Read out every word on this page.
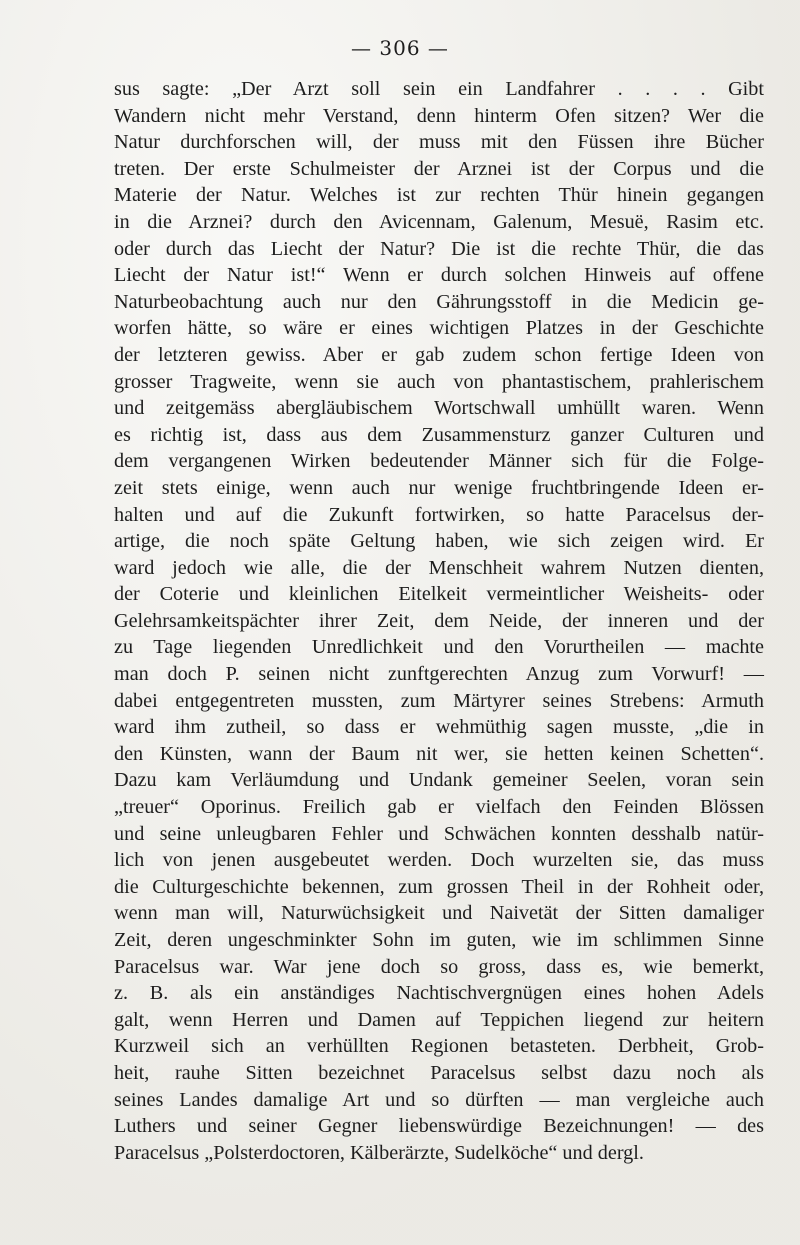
— 306 —
sus sagte: „Der Arzt soll sein ein Landfahrer . . . . Gibt
Wandern nicht mehr Verstand, denn hinterm Ofen sitzen? Wer die
Natur durchforschen will, der muss mit den Füssen ihre Bücher
treten. Der erste Schulmeister der Arznei ist der Corpus und die
Materie der Natur. Welches ist zur rechten Thür hinein gegangen
in die Arznei? durch den Avicennam, Galenum, Mesuë, Rasim etc.
oder durch das Liecht der Natur? Die ist die rechte Thür, die das
Liecht der Natur ist!“ Wenn er durch solchen Hinweis auf offene
Naturbeobachtung auch nur den Gährungsstoff in die Medicin ge-
worfen hätte, so wäre er eines wichtigen Platzes in der Geschichte
der letzteren gewiss. Aber er gab zudem schon fertige Ideen von
grosser Tragweite, wenn sie auch von phantastischem, prahlerischem
und zeitgemäss abergläubischem Wortschwall umhüllt waren. Wenn
es richtig ist, dass aus dem Zusammensturz ganzer Culturen und
dem vergangenen Wirken bedeutender Männer sich für die Folge-
zeit stets einige, wenn auch nur wenige fruchtbringende Ideen er-
halten und auf die Zukunft fortwirken, so hatte Paracelsus der-
artige, die noch späte Geltung haben, wie sich zeigen wird. Er
ward jedoch wie alle, die der Menschheit wahrem Nutzen dienten,
der Coterie und kleinlichen Eitelkeit vermeintlicher Weisheits- oder
Gelehrsamkeitspächter ihrer Zeit, dem Neide, der inneren und der
zu Tage liegenden Unredlichkeit und den Vorurtheilen — machte
man doch P. seinen nicht zunftgerechten Anzug zum Vorwurf! —
dabei entgegentreten mussten, zum Märtyrer seines Strebens: Armuth
ward ihm zutheil, so dass er wehmüthig sagen musste, „die in
den Künsten, wann der Baum nit wer, sie hetten keinen Schetten“.
Dazu kam Verläumdung und Undank gemeiner Seelen, voran sein
„treuer“ Oporinus. Freilich gab er vielfach den Feinden Blössen
und seine unleugbaren Fehler und Schwächen konnten desshalb natür-
lich von jenen ausgebeutet werden. Doch wurzelten sie, das muss
die Culturgeschichte bekennen, zum grossen Theil in der Rohheit oder,
wenn man will, Naturwüchsigkeit und Naivetät der Sitten damaliger
Zeit, deren ungeschminkter Sohn im guten, wie im schlimmen Sinne
Paracelsus war. War jene doch so gross, dass es, wie bemerkt,
z. B. als ein anständiges Nachtischvergnügen eines hohen Adels
galt, wenn Herren und Damen auf Teppichen liegend zur heitern
Kurzweil sich an verhüllten Regionen betasteten. Derbheit, Grob-
heit, rauhe Sitten bezeichnet Paracelsus selbst dazu noch als
seines Landes damalige Art und so dürften — man vergleiche auch
Luthers und seiner Gegner liebenswürdige Bezeichnungen! — des
Paracelsus „Polsterdoctoren, Kälberärzte, Sudelköche“ und dergl.
